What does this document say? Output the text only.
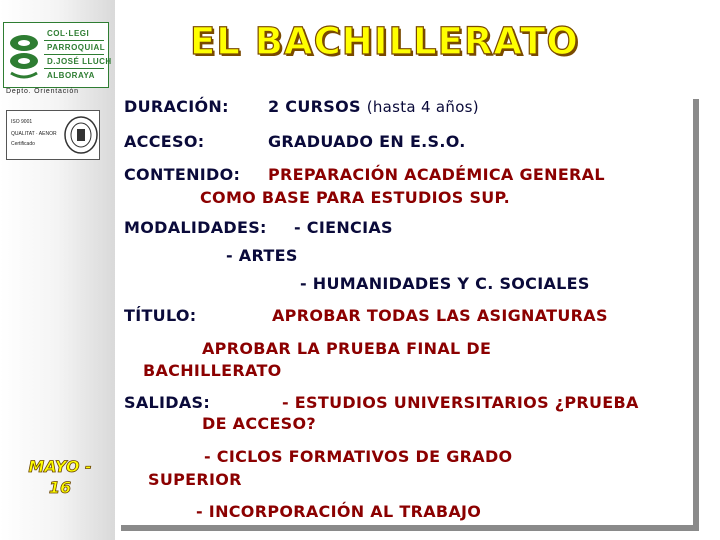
COL·LEGI
PARROQUIAL
D.JOSÉ LLUCH
ALBORAYA
Depto. Orientación
ISO 9001
QUALITAT · AENOR
Certificado
EL BACHILLERATO
DURACIÓN: 2 CURSOS (hasta 4 años)
ACCESO:	GRADUADO EN E.S.O.
CONTENIDO: PREPARACIÓN ACADÉMICA GENERAL
COMO BASE PARA ESTUDIOS SUP.
MODALIDADES: - CIENCIAS
- ARTES
- HUMANIDADES Y C. SOCIALES
TÍTULO:	APROBAR TODAS LAS ASIGNATURAS
APROBAR LA PRUEBA FINAL DE
BACHILLERATO
SALIDAS:	- ESTUDIOS UNIVERSITARIOS ¿PRUEBA
DE ACCESO?
- CICLOS FORMATIVOS DE GRADO
SUPERIOR
- INCORPORACIÓN AL TRABAJO
MAYO -
16
